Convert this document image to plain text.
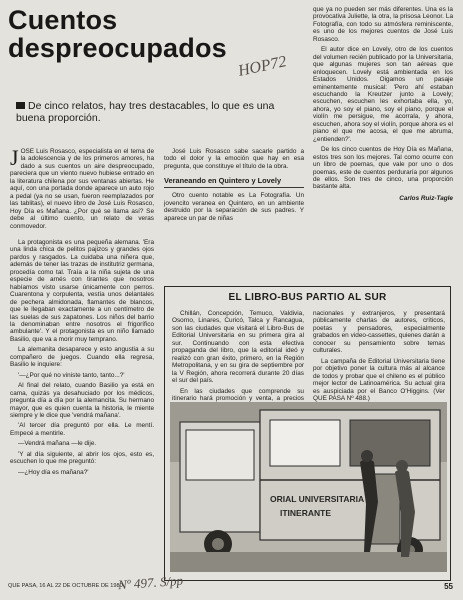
Cuentos
despreocupados
HOP72
De cinco relatos, hay tres destacables, lo que es una buena proporción.

JOSE Luis Rosasco, especialista en el tema de la adolescencia y de los primeros amores, ha dado a sus cuentos un aire despreocupado, pareciera que un viento nuevo hubiese entrado en la literatura chilena por sus ventanas abiertas. He aquí, con una portada donde aparece un auto rojo a pedal (ya no se usan, fueron reemplazados por las tablitas), el nuevo libro de José Luis Rosasco, Hoy Día es Mañana. ¿Por qué se llama así? Se debe al último cuento, un relato de veras conmovedor.

La protagonista es una pequeña alemana. 'Era una linda chica de pelitos pajizos y grandes ojos pardos y rasgados. La cuidaba una niñera que, además de tener las trazas de institutriz germana, procedía como tal. Traía a la niña sujeta de una especie de arnés con tirantes que nosotros habíamos visto usarse únicamente con perros. Cuarentona y corpulenta, vestía unos delantales de pechera almidonada, flamantes de blancos, que le llegaban exactamente a un centímetro de las suelas de sus zapatones. Los niños del barrio la denominaban entre nosotros el frigorífico ambulante'. Y el protagonista es un niño llamado Basilio, que va a morir muy temprano.

La alemanita desaparece y esto angustia a su compañero de juegos. Cuando ella regresa, Basilio le inquiere:

'—¿Por qué no viniste tanto, tanto...?'

Al final del relato, cuando Basilio ya está en cama, quizás ya desahuciado por los médicos, pregunta día a día por la alemancita. Su hermano mayor, que es quien cuenta la historia, le miente siempre y le dice que 'vendrá mañana'.

'Al tercer día preguntó por ella. Le mentí. Empecé a mentirle.

—Vendrá mañana —le dije.

'Y al día siguiente, al abrir los ojos, esto es, escuchen lo que me preguntó:

—¿Hoy día es mañana?'

José Luis Rosasco sabe sacarle partido a todo el dolor y la emoción que hay en esa pregunta, que constituye el título de la obra.

Veraneando en Quintero y Lovely

Otro cuento notable es La Fotografía. Un jovencito veranea en Quintero, en un ambiente destruido por la separación de sus padres. Y aparece un par de niñas

que ya no pueden ser más diferentes. Una es la provocativa Juliette, la otra, la prisosa Leonor. La Fotografía, con todo su atmósfera reminiscente, es uno de los mejores cuentos de José Luis Rosasco.

El autor dice en Lovely, otro de los cuentos del volumen recién publicado por la Universitaria, que algunas mujeres son tan aéreas que enloquecen. Lovely está ambientada en los Estados Unidos. Oigamos un pasaje eminentemente musical: 'Pero ahí estaban escuchando la Kreutzer junto a Lovely; escuchen, escuchen les exhortaba ella, yo, ahora, yo soy el piano, soy el piano, porque el violín me persigue, me acorrala, y ahora, escuchen, ahora soy el violín, porque ahora es el piano el que me acosa, el que me abruma, ¿entienden?'.

De los cinco cuentos de Hoy Día es Mañana, estos tres son los mejores. Tal como ocurre con un libro de poemas, que vale por uno o dos poemas, este de cuentos perduraría por algunos de ellos. Son tres de cinco, una proporción bastante alta.

Carlos Ruiz-Tagle
EL LIBRO-BUS PARTIO AL SUR

Chillán, Concepción, Temuco, Valdivia, Osorno, Linares, Curicó, Talca y Rancagua, son las ciudades que visitará el Libro-Bus de Editorial Universitaria en su primera gira al sur. Continuando con esta efectiva propaganda del libro, que la editorial ideó y realizó con gran éxito, primero, en la Región Metropolitana, y en su gira de septiembre por la V Región, ahora recorrerá durante 20 días el sur del país.

En las ciudades que comprende su itinerario hará promoción y venta, a precios

nacionales y extranjeros, y presentará públicamente charlas de autores, críticos, poetas y pensadores, especialmente grabados en video-cassettes, quienes darán a conocer su pensamiento sobre temas culturales.

La campaña de Editorial Universitaria tiene por objetivo poner la cultura más al alcance de todos y probar que el chileno es el público mejor lector de Latinoamérica. Su actual gira es auspiciada por el Banco O'Higgins. (Ver QUE PASA Nº 488.)

ORIAL UNIVERSITARIA ITINERANTE
QUE PASA, 16 AL 22 DE OCTUBRE DE 1980
Nº 497. S/pp	55
